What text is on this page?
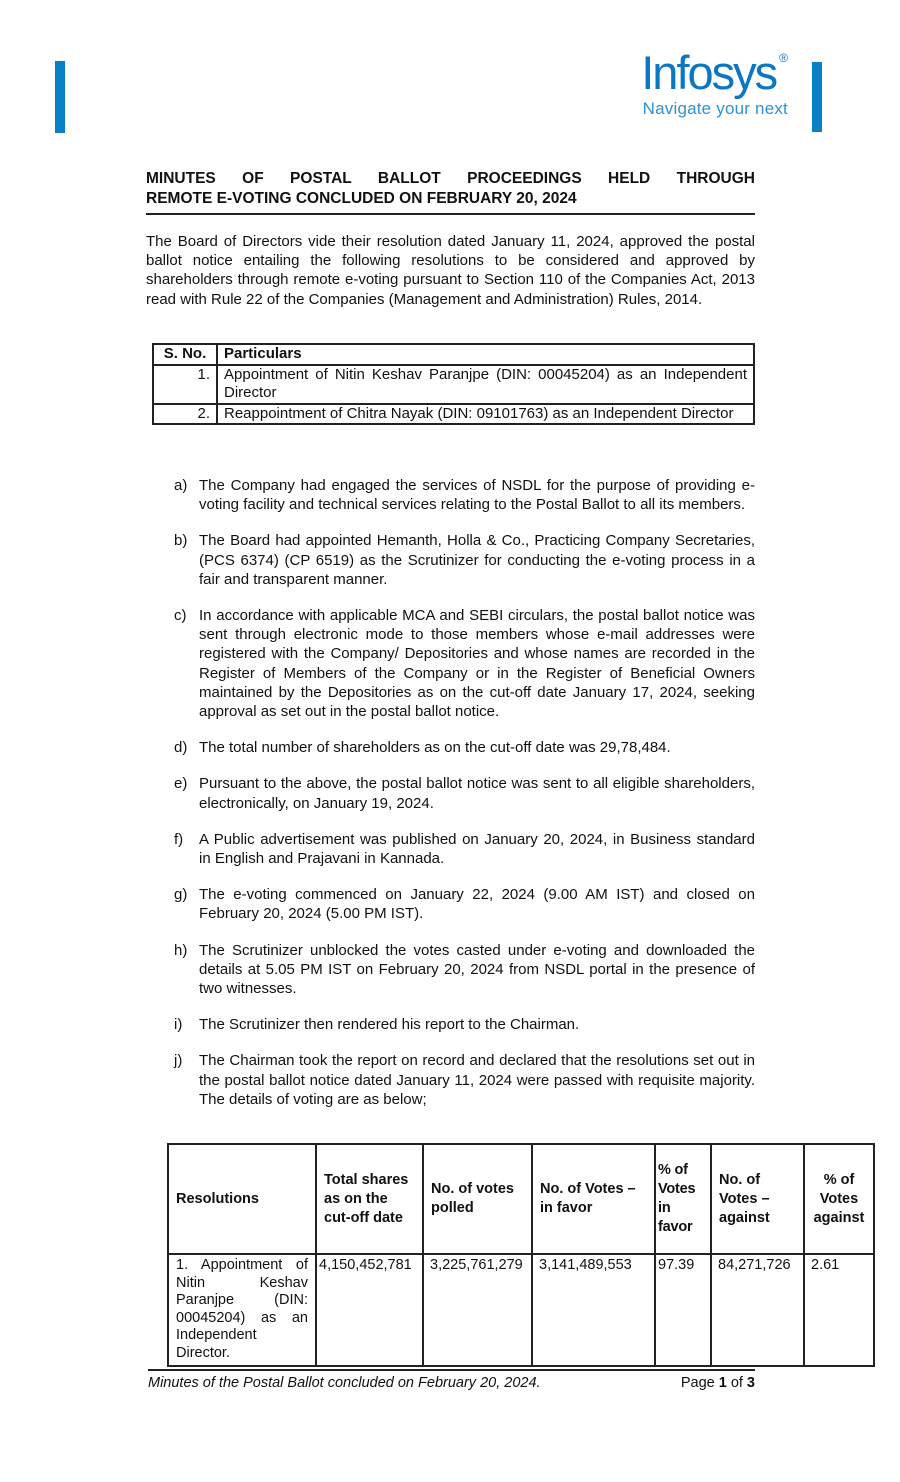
Infosys ®
Navigate your next
MINUTES OF POSTAL BALLOT PROCEEDINGS HELD THROUGH
REMOTE E-VOTING CONCLUDED ON FEBRUARY 20, 2024

The Board of Directors vide their resolution dated January 11, 2024, approved the postal ballot notice entailing the following resolutions to be considered and approved by shareholders through remote e-voting pursuant to Section 110 of the Companies Act, 2013 read with Rule 22 of the Companies (Management and Administration) Rules, 2014.

S. No.	Particulars
1.	Appointment of Nitin Keshav Paranjpe (DIN: 00045204) as an Independent Director
2.	Reappointment of Chitra Nayak (DIN: 09101763) as an Independent Director
a) The Company had engaged the services of NSDL for the purpose of providing e-voting facility and technical services relating to the Postal Ballot to all its members.
b) The Board had appointed Hemanth, Holla & Co., Practicing Company Secretaries, (PCS 6374) (CP 6519) as the Scrutinizer for conducting the e-voting process in a fair and transparent manner.
c) In accordance with applicable MCA and SEBI circulars, the postal ballot notice was sent through electronic mode to those members whose e-mail addresses were registered with the Company/ Depositories and whose names are recorded in the Register of Members of the Company or in the Register of Beneficial Owners maintained by the Depositories as on the cut-off date January 17, 2024, seeking approval as set out in the postal ballot notice.
d) The total number of shareholders as on the cut-off date was 29,78,484.
e) Pursuant to the above, the postal ballot notice was sent to all eligible shareholders, electronically, on January 19, 2024.
f)	A Public advertisement was published on January 20, 2024, in Business standard in English and Prajavani in Kannada.
g) The e-voting commenced on January 22, 2024 (9.00 AM IST) and closed on February 20, 2024 (5.00 PM IST).
h) The Scrutinizer unblocked the votes casted under e-voting and downloaded the details at 5.05 PM IST on February 20, 2024 from NSDL portal in the presence of two witnesses.
i)	The Scrutinizer then rendered his report to the Chairman.
j)	The Chairman took the report on record and declared that the resolutions set out in the postal ballot notice dated January 11, 2024 were passed with requisite majority. The details of voting are as below;
Resolutions	Total shares as on the cut-off date	No. of votes polled	No. of Votes – in favor	% of Votes in favor	No. of Votes – against	% of Votes against
1. Appointment of Nitin Keshav Paranjpe (DIN: 00045204) as an Independent Director.	4,150,452,781	3,225,761,279	3,141,489,553	97.39	84,271,726	2.61
Minutes of the Postal Ballot concluded on February 20, 2024.	Page 1 of 3
